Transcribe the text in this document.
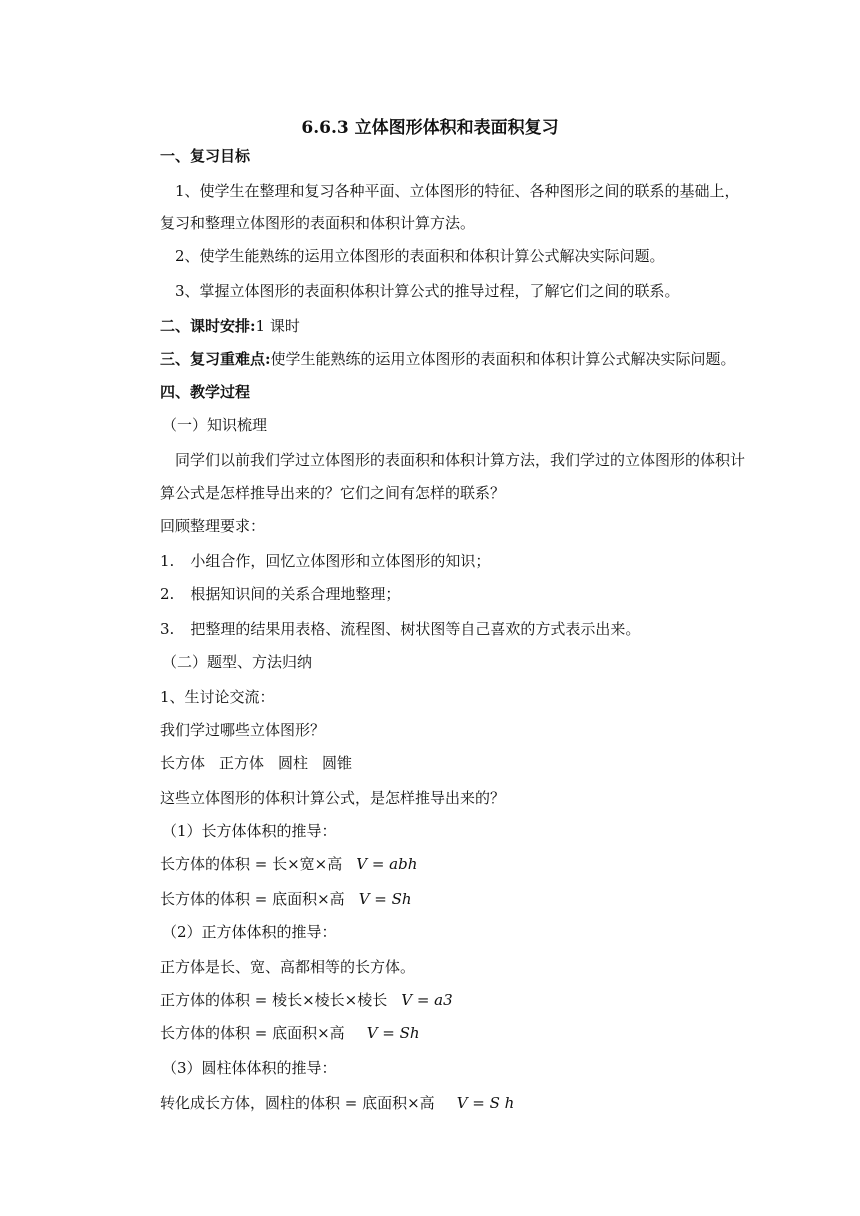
6.6.3 立体图形体积和表面积复习
一、复习目标
1、使学生在整理和复习各种平面、立体图形的特征、各种图形之间的联系的基础上，
复习和整理立体图形的表面积和体积计算方法。
2、使学生能熟练的运用立体图形的表面积和体积计算公式解决实际问题。
3、掌握立体图形的表面积体积计算公式的推导过程，了解它们之间的联系。
二、课时安排:1 课时
三、复习重难点:使学生能熟练的运用立体图形的表面积和体积计算公式解决实际问题。
四、教学过程
（一）知识梳理
同学们以前我们学过立体图形的表面积和体积计算方法，我们学过的立体图形的体积计
算公式是怎样推导出来的？它们之间有怎样的联系？
回顾整理要求：
1. 小组合作，回忆立体图形和立体图形的知识；
2. 根据知识间的关系合理地整理；
3. 把整理的结果用表格、流程图、树状图等自己喜欢的方式表示出来。
（二）题型、方法归纳
1、生讨论交流：
我们学过哪些立体图形？
长方体 正方体 圆柱 圆锥
这些立体图形的体积计算公式，是怎样推导出来的？
（1）长方体体积的推导：
长方体的体积 = 长×宽×高 V = abh
长方体的体积 = 底面积×高 V = Sh
（2）正方体体积的推导：
正方体是长、宽、高都相等的长方体。
正方体的体积 = 棱长×棱长×棱长 V = a3
长方体的体积 = 底面积×高 V = Sh
（3）圆柱体体积的推导：
转化成长方体，圆柱的体积 = 底面积×高 V = S h
